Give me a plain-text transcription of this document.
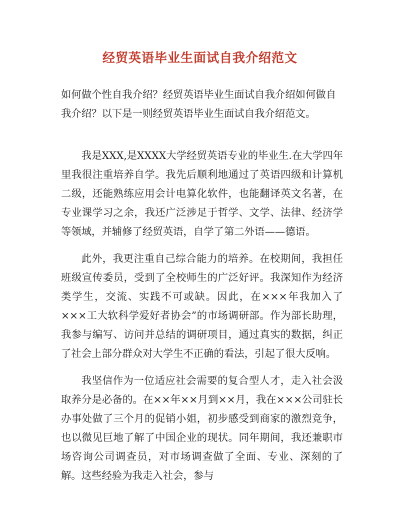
经贸英语毕业生面试自我介绍范文

如何做个性自我介绍？经贸英语毕业生面试自我介绍如何做自我介绍？以下是一则经贸英语毕业生面试自我介绍范文。

我是XXX,是XXXX大学经贸英语专业的毕业生.在大学四年里我很注重培养自学。我先后顺利地通过了英语四级和计算机二级，还能熟练应用会计电算化软件，也能翻译英文名著，在专业课学习之余，我还广泛涉足于哲学、文学、法律、经济学等领域，并辅修了经贸英语，自学了第二外语——德语。

此外，我更注重自己综合能力的培养。在校期间，我担任班级宣传委员，受到了全校师生的广泛好评。我深知作为经济类学生，交流、实践不可或缺。因此，在×××年我加入了×××工大软科学爱好者协会”的市场调研部。作为部长助理，我参与编写、访问并总结的调研项目，通过真实的数据，纠正了社会上部分群众对大学生不正确的看法，引起了很大反响。

我坚信作为一位适应社会需要的复合型人才，走入社会汲取养分是必备的。在××年××月到××月，我在×××公司驻长办事处做了三个月的促销小姐，初步感受到商家的激烈竞争，也以微见巨地了解了中国企业的现状。同年期间，我还兼职市场咨询公司调查员，对市场调查做了全面、专业、深刻的了解。这些经验为我走入社会，参与
